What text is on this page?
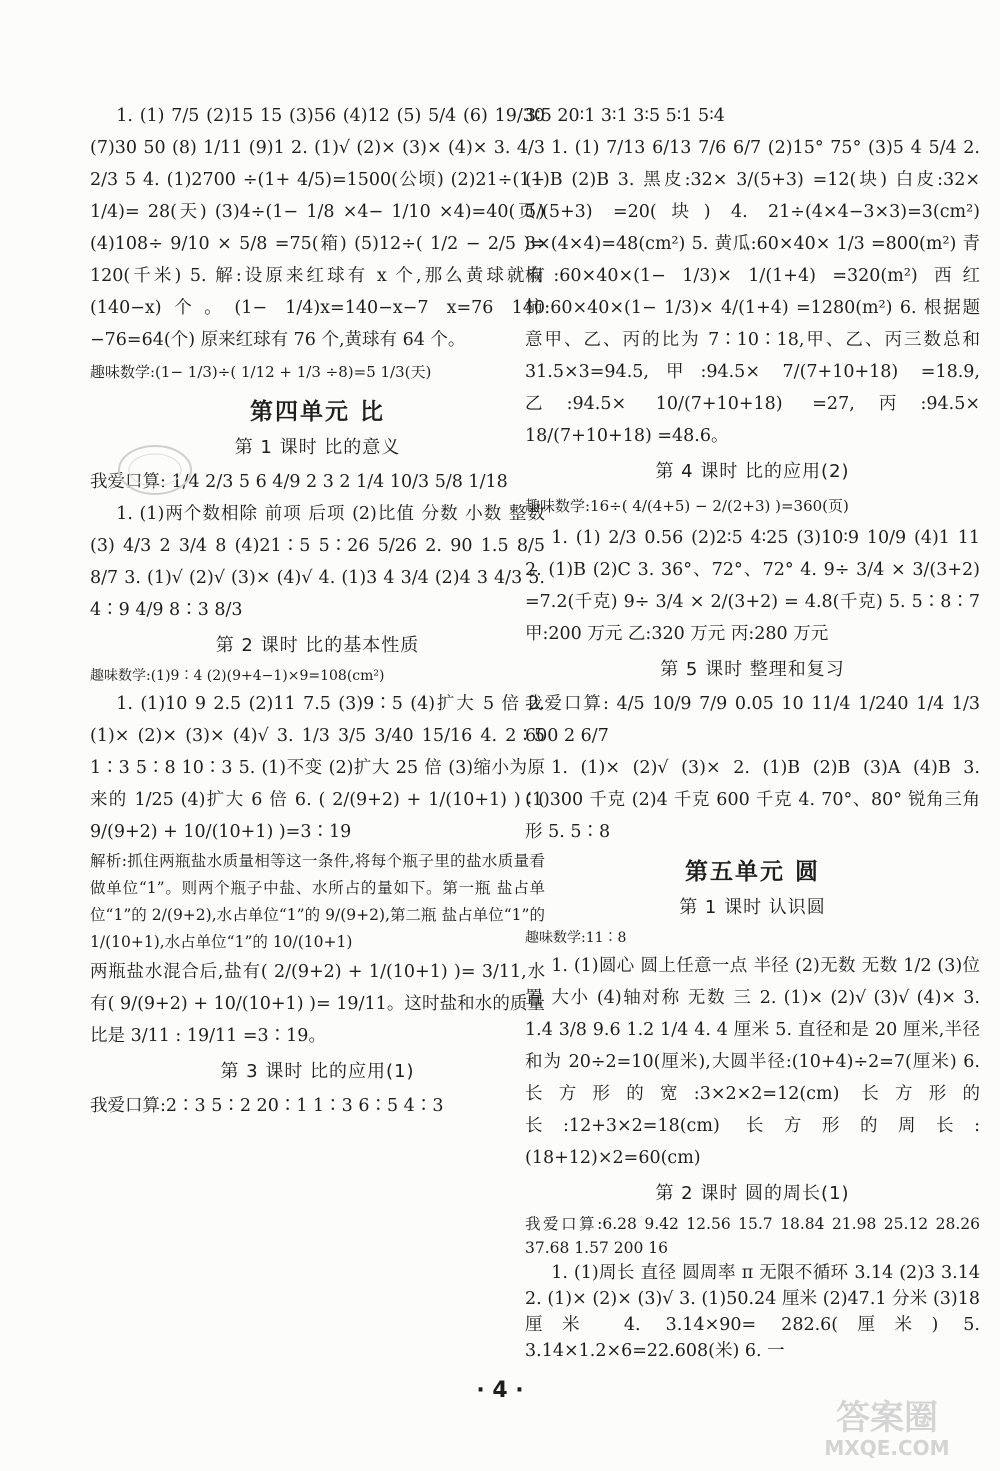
1. (1) 7/5 (2)15 15 (3)56 (4)12 (5) 5/4 (6) 19/30 (7)30 50 (8) 1/11 (9)1 2. (1)√ (2)× (3)× (4)× 3. 4/3 2/3 5 4. (1)2700 ÷(1+ 4/5)=1500(公顷) (2)21÷(1− 1/4)= 28(天) (3)4÷(1− 1/8 ×4− 1/10 ×4)=40(页) (4)108÷ 9/10 × 5/8 =75(箱) (5)12÷( 1/2 − 2/5 )= 120(千米) 5. 解:设原来红球有 x 个,那么黄球就有 (140−x)个。(1− 1/4)x=140−x−7 x=76 140 −76=64(个) 原来红球有 76 个,黄球有 64 个。

趣味数学:(1− 1/3)÷( 1/12 + 1/3 ÷8)=5 1/3(天)

第四单元 比
第 1 课时 比的意义

我爱口算: 1/4 2/3 5 6 4/9 2 3 2 1/4 10/3 5/8 1/18

1. (1)两个数相除 前项 后项 (2)比值 分数 小数 整数 (3) 4/3 2 3/4 8 (4)21∶5 5∶26 5/26 2. 90 1.5 8/5 8/7 3. (1)√ (2)√ (3)× (4)√ 4. (1)3 4 3/4 (2)4 3 4/3 5. 4∶9 4/9 8∶3 8/3

第 2 课时 比的基本性质

趣味数学:(1)9∶4 (2)(9+4−1)×9=108(cm²)

1. (1)10 9 2.5 (2)11 7.5 (3)9∶5 (4)扩大 5 倍 2. (1)× (2)× (3)× (4)√ 3. 1/3 3/5 3/40 15/16 4. 2∶5 1∶3 5∶8 10∶3 5. (1)不变 (2)扩大 25 倍 (3)缩小为原来的 1/25 (4)扩大 6 倍 6. ( 2/(9+2) + 1/(10+1) )∶( 9/(9+2) + 10/(10+1) )=3∶19

解析:抓住两瓶盐水质量相等这一条件,将每个瓶子里的盐水质量看做单位“1”。则两个瓶子中盐、水所占的量如下。第一瓶 盐占单位“1”的 2/(9+2),水占单位“1”的 9/(9+2),第二瓶 盐占单位“1”的 1/(10+1),水占单位“1”的 10/(10+1)

两瓶盐水混合后,盐有( 2/(9+2) + 1/(10+1) )= 3/11,水有( 9/(9+2) + 10/(10+1) )= 19/11。这时盐和水的质量比是 3/11 : 19/11 =3∶19。

第 3 课时 比的应用(1)

我爱口算:2∶3 5∶2 20∶1 1∶3 6∶5 4∶3

3∶5 20∶1 3∶1 3∶5 5∶1 5∶4

1. (1) 7/13 6/13 7/6 6/7 (2)15° 75° (3)5 4 5/4 2. (1)B (2)B 3. 黑皮:32× 3/(5+3) =12(块) 白皮:32× 5/(5+3) =20(块) 4. 21÷(4×4−3×3)=3(cm²) 3×(4×4)=48(cm²) 5. 黄瓜:60×40× 1/3 =800(m²) 青椒:60×40×(1− 1/3)× 1/(1+4) =320(m²) 西红柿:60×40×(1− 1/3)× 4/(1+4) =1280(m²) 6. 根据题意甲、乙、丙的比为 7∶10∶18,甲、乙、丙三数总和 31.5×3=94.5,甲:94.5× 7/(7+10+18) =18.9,乙:94.5× 10/(7+10+18) =27,丙:94.5× 18/(7+10+18) =48.6。

第 4 课时 比的应用(2)

趣味数学:16÷( 4/(4+5) − 2/(2+3) )=360(页)

1. (1) 2/3 0.56 (2)2∶5 4∶25 (3)10∶9 10/9 (4)1 11 2. (1)B (2)C 3. 36°、72°、72° 4. 9÷ 3/4 × 3/(3+2) =7.2(千克) 9÷ 3/4 × 2/(3+2) = 4.8(千克) 5. 5∶8∶7 甲:200 万元 乙:320 万元 丙:280 万元

第 5 课时 整理和复习

我爱口算: 4/5 10/9 7/9 0.05 10 11/4 1/240 1/4 1/3 600 2 6/7

1. (1)× (2)√ (3)× 2. (1)B (2)B (3)A (4)B 3. (1)300 千克 (2)4 千克 600 千克 4. 70°、80° 锐角三角形 5. 5∶8

第五单元 圆
第 1 课时 认识圆

趣味数学:11∶8

1. (1)圆心 圆上任意一点 半径 (2)无数 无数 1/2 (3)位置 大小 (4)轴对称 无数 三 2. (1)× (2)√ (3)√ (4)× 3. 1.4 3/8 9.6 1.2 1/4 4. 4 厘米 5. 直径和是 20 厘米,半径和为 20÷2=10(厘米),大圆半径:(10+4)÷2=7(厘米) 6. 长方形的宽:3×2×2=12(cm) 长方形的长:12+3×2=18(cm) 长方形的周长:(18+12)×2=60(cm)

第 2 课时 圆的周长(1)

我爱口算:6.28 9.42 12.56 15.7 18.84 21.98 25.12 28.26 37.68 1.57 200 16

1. (1)周长 直径 圆周率 π 无限不循环 3.14 (2)3 3.14 2. (1)× (2)× (3)√ 3. (1)50.24 厘米 (2)47.1 分米 (3)18 厘米 4. 3.14×90= 282.6(厘米) 5. 3.14×1.2×6=22.608(米) 6. 一

· 4 ·
答案圈
MXQE.COM
